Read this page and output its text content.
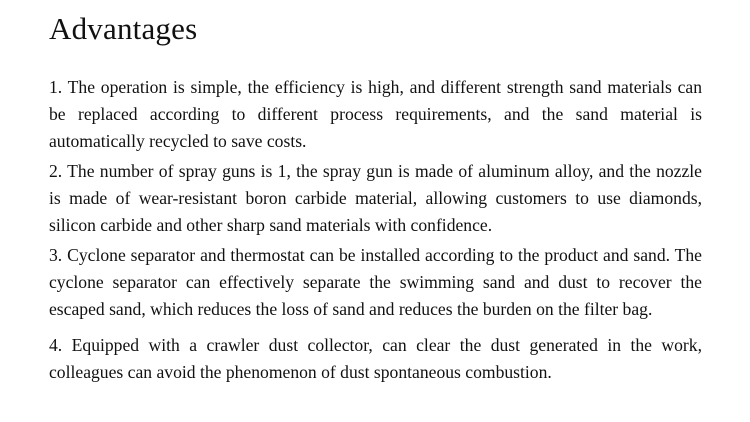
Advantages

1. The operation is simple, the efficiency is high, and different strength sand materials can be replaced according to different process requirements, and the sand material is automatically recycled to save costs.

2. The number of spray guns is 1, the spray gun is made of aluminum alloy, and the nozzle is made of wear-resistant boron carbide material, allowing customers to use diamonds, silicon carbide and other sharp sand materials with confidence.

3. Cyclone separator and thermostat can be installed according to the product and sand. The cyclone separator can effectively separate the swimming sand and dust to recover the escaped sand, which reduces the loss of sand and reduces the burden on the filter bag.

4. Equipped with a crawler dust collector, can clear the dust generated in the work, colleagues can avoid the phenomenon of dust spontaneous combustion.
